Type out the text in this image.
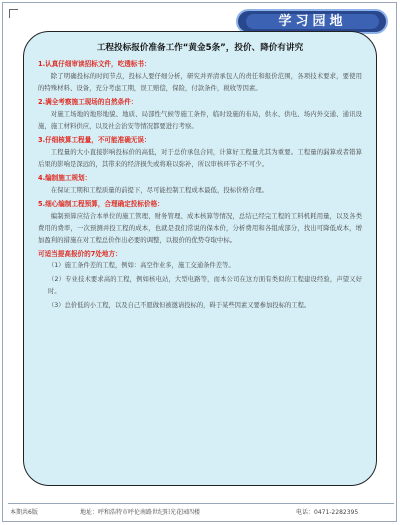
学习园地
工程投标报价准备工作“黄金5条”，投价、降价有讲究

1.认真仔细审读招标文件，吃透标书：

除了明确投标的时间节点，投标人要仔细分析，研究并弄清承包人的责任和报价范围，各项技术要求，要使用的特殊材料、设备，充分考虑工期，误工赔偿，保险，付款条件，税收等因素。

2.满全考察施工现场的自然条件：

对施工场地的地形地貌、地质、局部性气候等施工条件，临时设施的布局，供水、供电、场内外交通、通讯设施，施工材料供应，以及社会治安等情况都要进行考察。

3.仔细核算工程量，不可能准确无误：

工程量的大小直接影响投标价的高低，对于总价承包合同，计算好工程量尤其为重要。工程量的漏算或者错算后果的影响是深远的，其带来的经济损失或将难以弥补，所以审核环节必不可少。

4.编制施工规划：

在保证工期和工程质量的前提下，尽可能控制工程成本最低，投标价格合理。

5.细心编制工程预算，合理确定投标价格：

编制预算应结合本单位的施工管理、财务管理、成本核算等情况，总结已经完工程的工料机耗用量，以及各类费用的费率，一次预测并投工程的成本，也就是我们常说的保本价，分析费用和各组成部分，找出可降低成本，增加盈利的措施在对工程总价作出必要的调整，以报价的优势夺取中标。

可适当提高报价的7处地方：

（1）施工条件差的工程，例如：高空作业多，施工交通条件差等。

（2）专业技术要求高的工程，例如核电站，大型电路等，而本公司在这方面有类似的工程建设经验，声望又好时。

（3）总价低的小工程，以及自己不愿做但被邀请投标的，碍于某些因素又要参加投标的工程。

本期共6版	地址：呼和浩特市呼伦南路世纪阳光花园四楼	电话：0471-2282395
